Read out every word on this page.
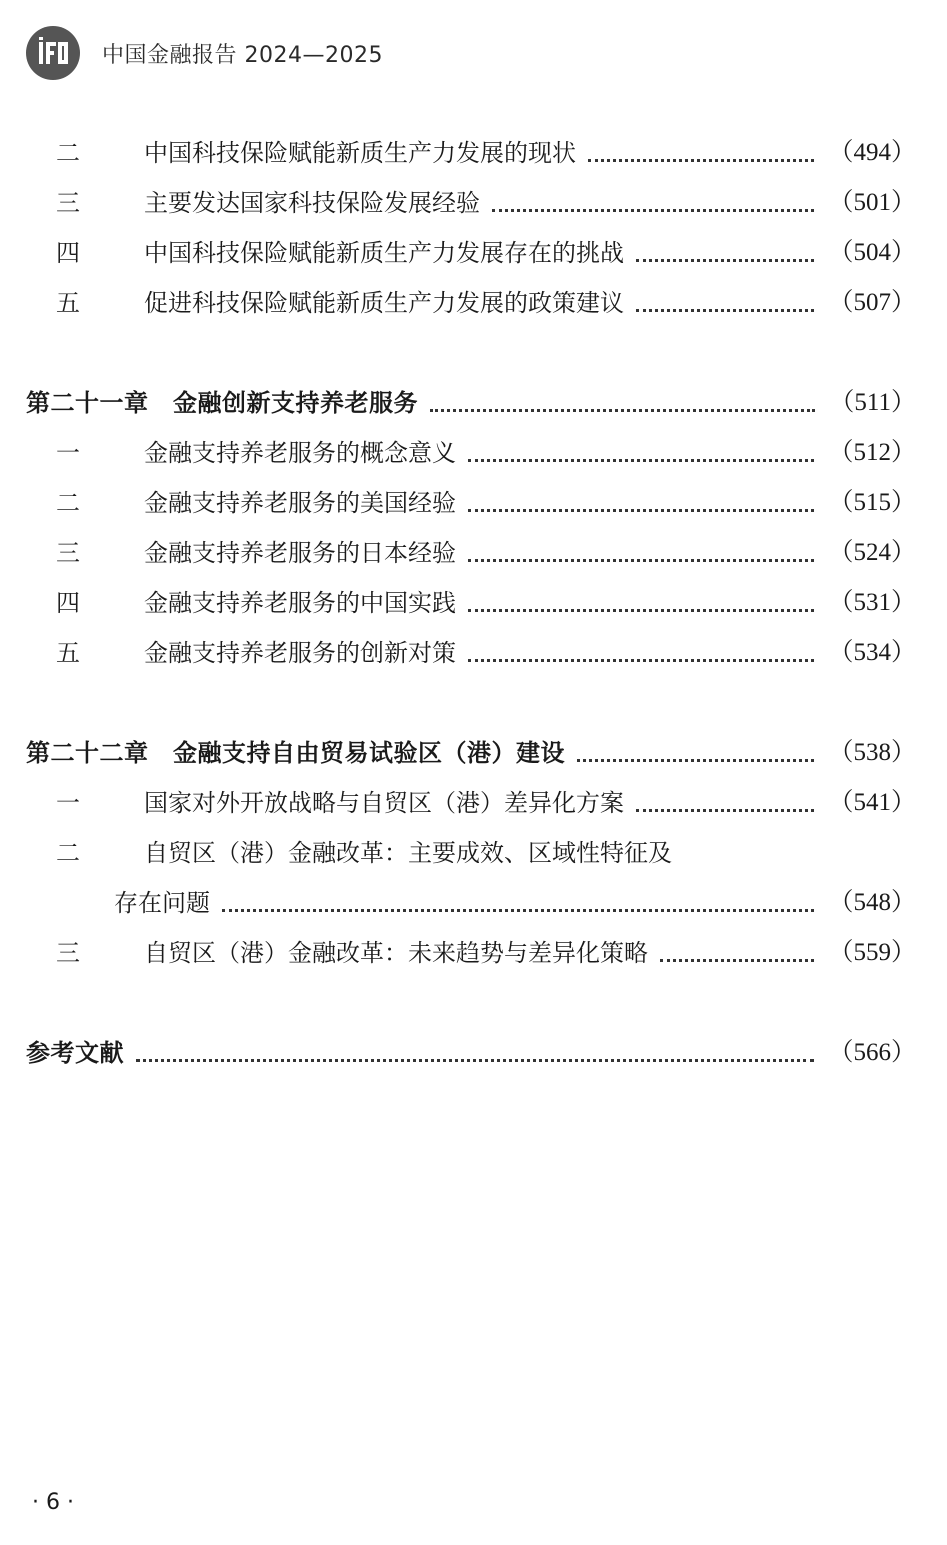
中国金融报告 2024—2025
二	中国科技保险赋能新质生产力发展的现状	（494）
三	主要发达国家科技保险发展经验	（501）
四	中国科技保险赋能新质生产力发展存在的挑战	（504）
五	促进科技保险赋能新质生产力发展的政策建议	（507）
第二十一章　金融创新支持养老服务	（511）
一	金融支持养老服务的概念意义	（512）
二	金融支持养老服务的美国经验	（515）
三	金融支持养老服务的日本经验	（524）
四	金融支持养老服务的中国实践	（531）
五	金融支持养老服务的创新对策	（534）
第二十二章　金融支持自由贸易试验区（港）建设	（538）
一	国家对外开放战略与自贸区（港）差异化方案	（541）
二	自贸区（港）金融改革：主要成效、区域性特征及
存在问题	（548）
三	自贸区（港）金融改革：未来趋势与差异化策略	（559）
参考文献	（566）
· 6 ·
